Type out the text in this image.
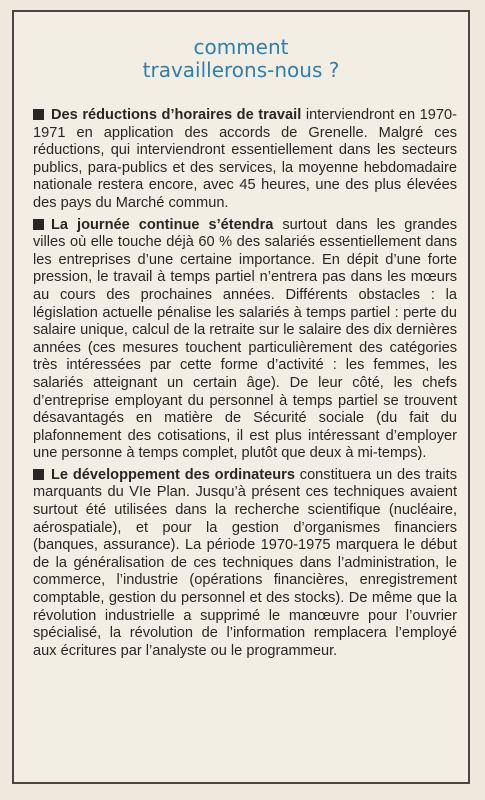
comment
travaillerons-nous ?

Des réductions d’horaires de travail interviendront en 1970-1971 en application des accords de Grenelle. Malgré ces réductions, qui interviendront essentiellement dans les secteurs publics, para-publics et des services, la moyenne hebdomadaire nationale restera encore, avec 45 heures, une des plus élevées des pays du Marché commun.

La journée continue s’étendra surtout dans les grandes villes où elle touche déjà 60 % des salariés essentiellement dans les entreprises d’une certaine importance. En dépit d’une forte pression, le travail à temps partiel n’entrera pas dans les mœurs au cours des prochaines années. Différents obstacles : la législation actuelle pénalise les salariés à temps partiel : perte du salaire unique, calcul de la retraite sur le salaire des dix dernières années (ces mesures touchent particulièrement des catégories très intéressées par cette forme d’activité : les femmes, les salariés atteignant un certain âge). De leur côté, les chefs d’entreprise employant du personnel à temps partiel se trouvent désavantagés en matière de Sécurité sociale (du fait du plafonnement des cotisations, il est plus intéressant d’employer une personne à temps complet, plutôt que deux à mi-temps).

Le développement des ordinateurs constituera un des traits marquants du VIe Plan. Jusqu’à présent ces techniques avaient surtout été utilisées dans la recherche scientifique (nucléaire, aérospatiale), et pour la gestion d’organismes financiers (banques, assurance). La période 1970-1975 marquera le début de la généralisation de ces techniques dans l’administration, le commerce, l’industrie (opérations financières, enregistrement comptable, gestion du personnel et des stocks). De même que la révolution industrielle a supprimé le manœuvre pour l’ouvrier spécialisé, la révolution de l’information remplacera l’employé aux écritures par l’analyste ou le programmeur.
